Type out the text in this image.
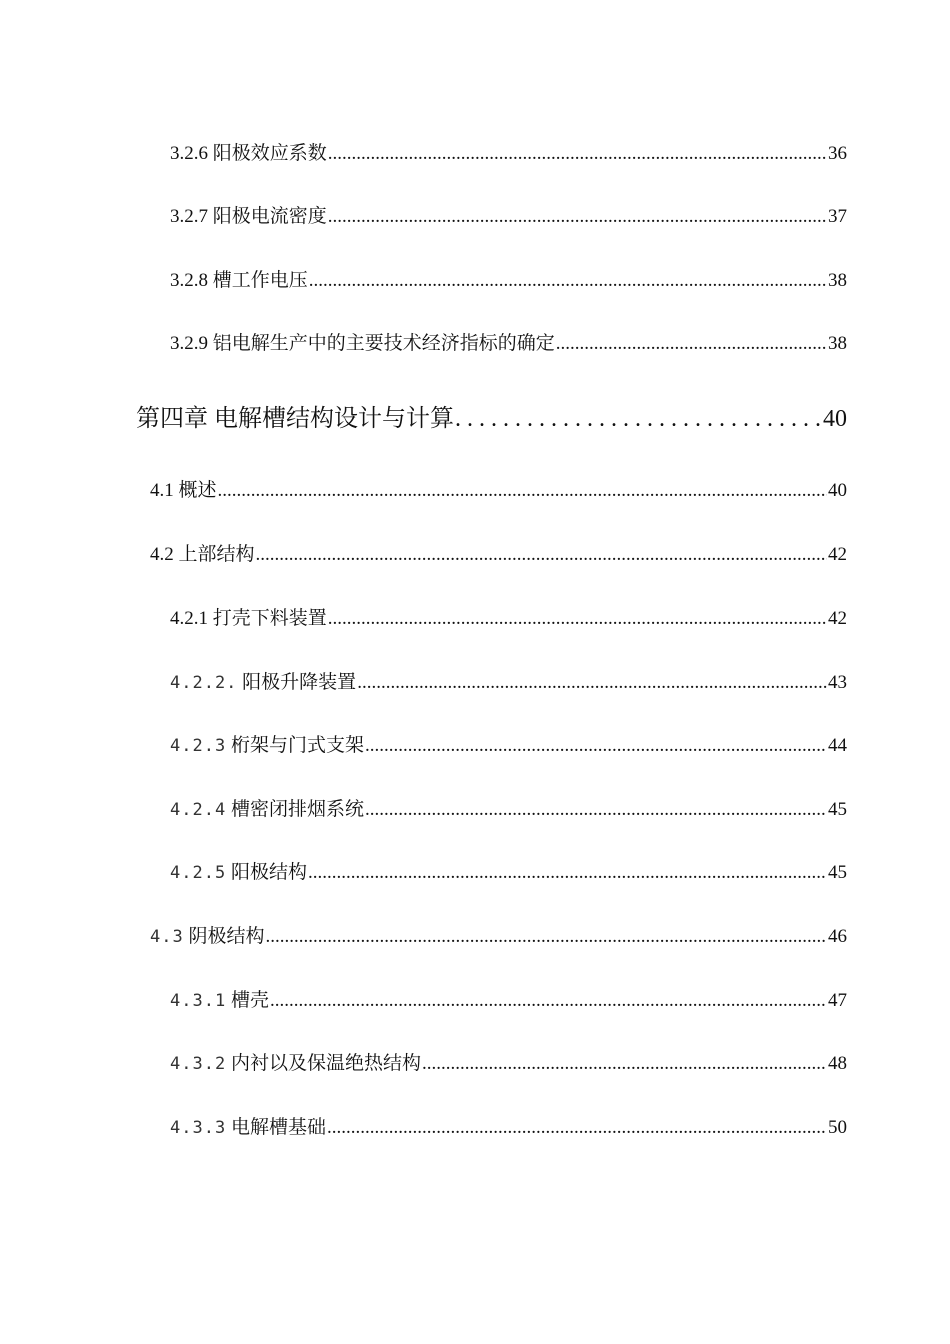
3.2.6 阳极效应系数 .....	36
3.2.7 阳极电流密度 .....	37
3.2.8 槽工作电压 .....	38
3.2.9 铝电解生产中的主要技术经济指标的确定 .....	38
第四章 电解槽结构设计与计算 . . .	40
4.1 概述 .....	40
4.2 上部结构 .....	42
4.2.1 打壳下料装置 .....	42
4.2.2. 阳极升降装置 .....	43
4.2.3 桁架与门式支架 .....	44
4.2.4 槽密闭排烟系统 .....	45
4.2.5 阳极结构 .....	45
4.3 阴极结构 .....	46
4.3.1 槽壳 .....	47
4.3.2 内衬以及保温绝热结构 .....	48
4.3.3 电解槽基础 .....	50
